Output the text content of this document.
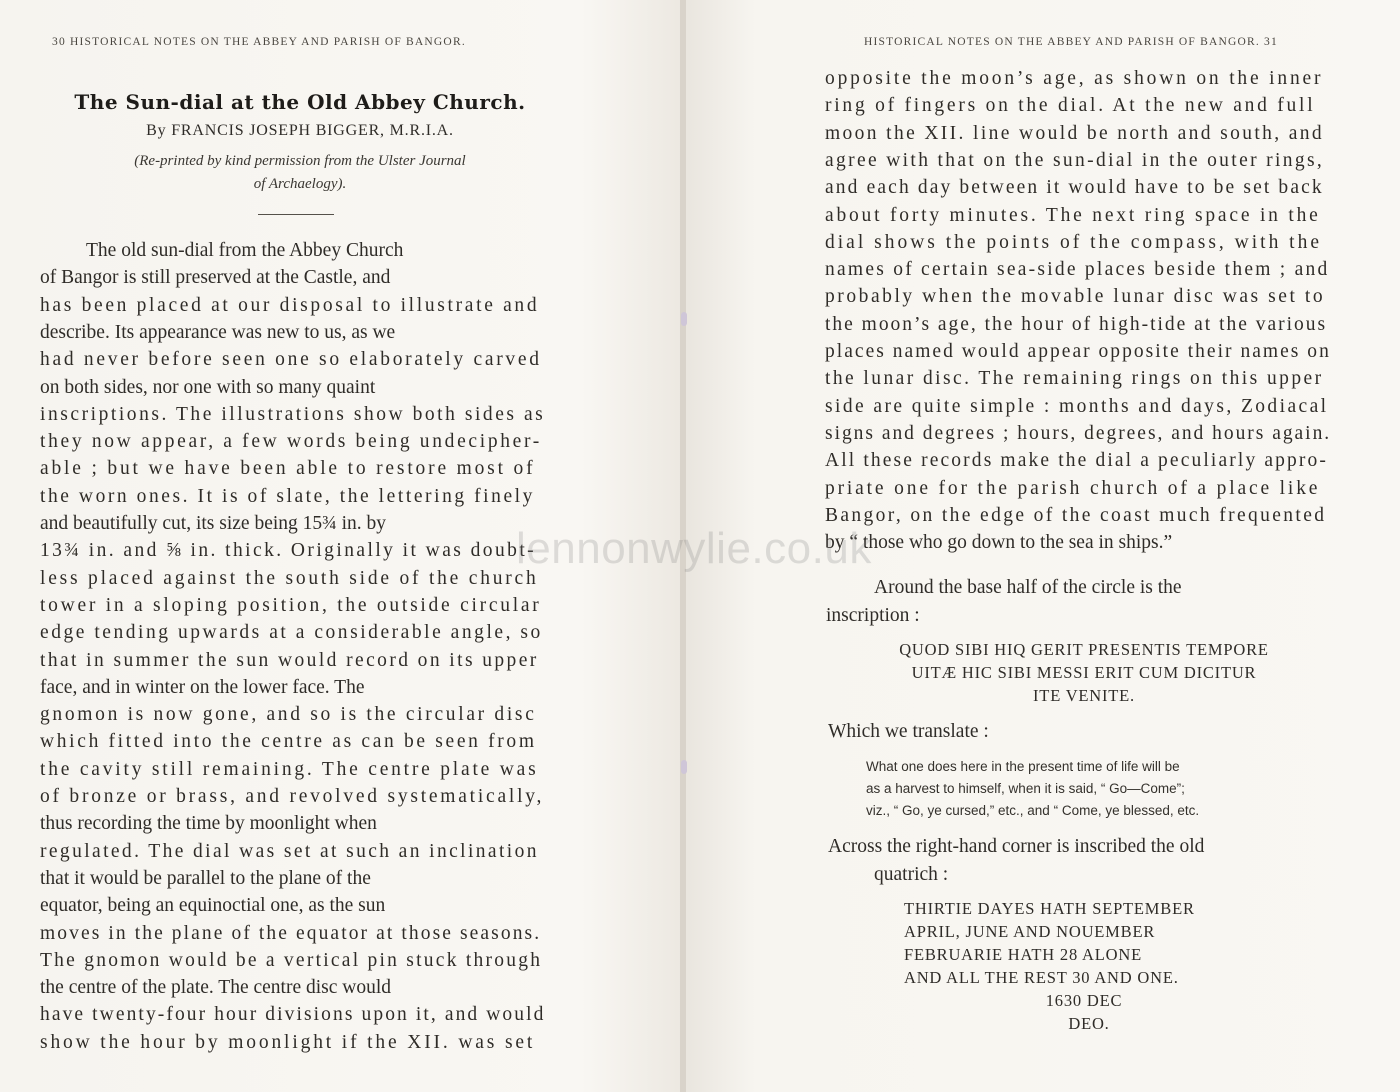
30 HISTORICAL NOTES ON THE ABBEY AND PARISH OF BANGOR.
The Sun-dial at the Old Abbey Church.
By FRANCIS JOSEPH BIGGER, M.R.I.A.
(Re-printed by kind permission from the Ulster Journal
of Archaelogy).
The old sun-dial from the Abbey Church
of Bangor is still preserved at the Castle, and
has been placed at our disposal to illustrate and
describe. Its appearance was new to us, as we
had never before seen one so elaborately carved
on both sides, nor one with so many quaint
inscriptions. The illustrations show both sides as
they now appear, a few words being undecipher-
able ; but we have been able to restore most of
the worn ones. It is of slate, the lettering finely
and beautifully cut, its size being 15¾ in. by
13¾ in. and ⅝ in. thick. Originally it was doubt-
less placed against the south side of the church
tower in a sloping position, the outside circular
edge tending upwards at a considerable angle, so
that in summer the sun would record on its upper
face, and in winter on the lower face. The
gnomon is now gone, and so is the circular disc
which fitted into the centre as can be seen from
the cavity still remaining. The centre plate was
of bronze or brass, and revolved systematically,
thus recording the time by moonlight when
regulated. The dial was set at such an inclination
that it would be parallel to the plane of the
equator, being an equinoctial one, as the sun
moves in the plane of the equator at those seasons.
The gnomon would be a vertical pin stuck through
the centre of the plate. The centre disc would
have twenty-four hour divisions upon it, and would
show the hour by moonlight if the XII. was set
HISTORICAL NOTES ON THE ABBEY AND PARISH OF BANGOR. 31
opposite the moon’s age, as shown on the inner
ring of fingers on the dial. At the new and full
moon the XII. line would be north and south, and
agree with that on the sun-dial in the outer rings,
and each day between it would have to be set back
about forty minutes. The next ring space in the
dial shows the points of the compass, with the
names of certain sea-side places beside them ; and
probably when the movable lunar disc was set to
the moon’s age, the hour of high-tide at the various
places named would appear opposite their names on
the lunar disc. The remaining rings on this upper
side are quite simple : months and days, Zodiacal
signs and degrees ; hours, degrees, and hours again.
All these records make the dial a peculiarly appro-
priate one for the parish church of a place like
Bangor, on the edge of the coast much frequented
by “ those who go down to the sea in ships.”
Around the base half of the circle is the
inscription :
QUOD SIBI HIQ GERIT PRESENTIS TEMPORE
UITÆ HIC SIBI MESSI ERIT CUM DICITUR
ITE VENITE.
Which we translate :
What one does here in the present time of life will be
as a harvest to himself, when it is said, “ Go—Come”;
viz., “ Go, ye cursed,” etc., and “ Come, ye blessed, etc.
Across the right-hand corner is inscribed the old
quatrich :
THIRTIE DAYES HATH SEPTEMBER
APRIL, JUNE AND NOUEMBER
FEBRUARIE HATH 28 ALONE
AND ALL THE REST 30 AND ONE.
1630 DEC
DEO.
lennonwylie.co.uk
